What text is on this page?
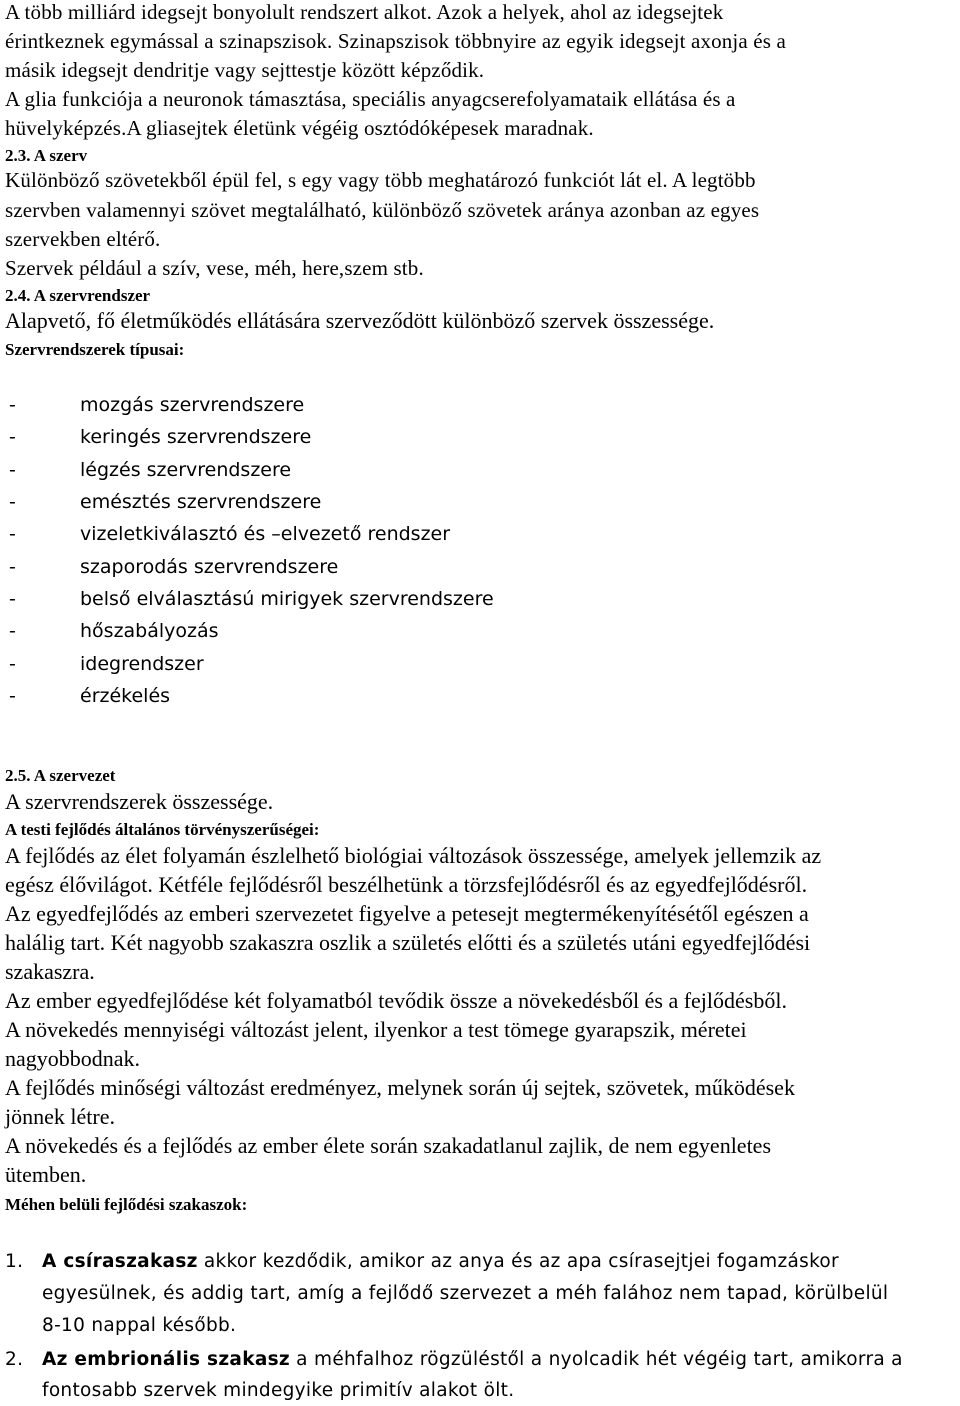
A több milliárd idegsejt bonyolult rendszert alkot. Azok a helyek, ahol az idegsejtek
érintkeznek egymással a szinapszisok. Szinapszisok többnyire az egyik idegsejt axonja és a
másik idegsejt dendritje vagy sejttestje között képződik.
A glia funkciója a neuronok támasztása, speciális anyagcserefolyamataik ellátása és a
hüvelyképzés.A gliasejtek életünk végéig osztódóképesek maradnak.
2.3. A szerv
Különböző szövetekből épül fel, s egy vagy több meghatározó funkciót lát el. A legtöbb
szervben valamennyi szövet megtalálható, különböző szövetek aránya azonban az egyes
szervekben eltérő.
Szervek például a szív, vese, méh, here,szem stb.
2.4. A szervrendszer
Alapvető, fő életműködés ellátására szerveződött különböző szervek összessége.
Szervrendszerek típusai:
-	mozgás szervrendszere
-	keringés szervrendszere
-	légzés szervrendszere
-	emésztés szervrendszere
-	vizeletkiválasztó és –elvezető rendszer
-	szaporodás szervrendszere
-	belső elválasztású mirigyek szervrendszere
-	hőszabályozás
-	idegrendszer
-	érzékelés
2.5. A szervezet
A szervrendszerek összessége.
A testi fejlődés általános törvényszerűségei:
A fejlődés az élet folyamán észlelhető biológiai változások összessége, amelyek jellemzik az
egész élővilágot. Kétféle fejlődésről beszélhetünk a törzsfejlődésről és az egyedfejlődésről.
Az egyedfejlődés az emberi szervezetet figyelve a petesejt megtermékenyítésétől egészen a
halálig tart. Két nagyobb szakaszra oszlik a születés előtti és a születés utáni egyedfejlődési
szakaszra.
Az ember egyedfejlődése két folyamatból tevődik össze a növekedésből és a fejlődésből.
A növekedés mennyiségi változást jelent, ilyenkor a test tömege gyarapszik, méretei
nagyobbodnak.
A fejlődés minőségi változást eredményez, melynek során új sejtek, szövetek, működések
jönnek létre.
A növekedés és a fejlődés az ember élete során szakadatlanul zajlik, de nem egyenletes
ütemben.
Méhen belüli fejlődési szakaszok:
1. A csíraszakasz akkor kezdődik, amikor az anya és az apa csírasejtjei fogamzáskor
egyesülnek, és addig tart, amíg a fejlődő szervezet a méh falához nem tapad, körülbelül
8-10 nappal később.
2. Az embrionális szakasz a méhfalhoz rögzüléstől a nyolcadik hét végéig tart, amikorra a
fontosabb szervek mindegyike primitív alakot ölt.
